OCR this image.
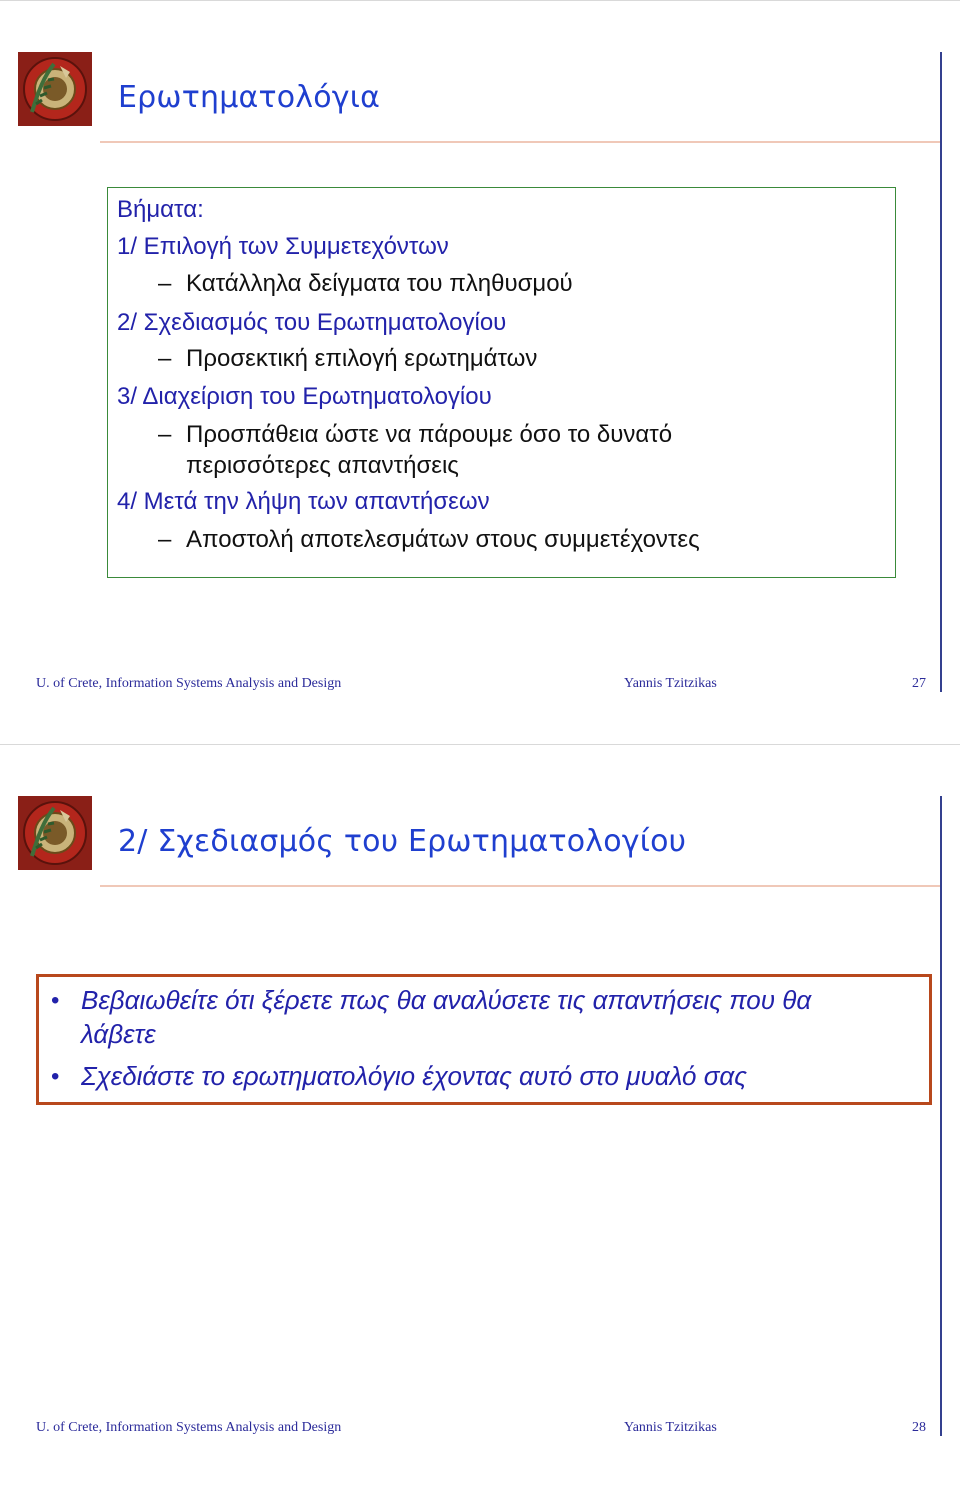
Ερωτηματολόγια
Βήματα:
1/ Επιλογή των Συμμετεχόντων
– Κατάλληλα δείγματα του πληθυσμού
2/ Σχεδιασμός του Ερωτηματολογίου
– Προσεκτική επιλογή ερωτημάτων
3/ Διαχείριση του Ερωτηματολογίου
– Προσπάθεια ώστε να πάρουμε όσο το δυνατό
περισσότερες απαντήσεις
4/ Μετά την λήψη των απαντήσεων
– Αποστολή αποτελεσμάτων στους συμμετέχοντες
U. of Crete, Information Systems Analysis and Design	Yannis Tzitzikas	27
2/ Σχεδιασμός του Ερωτηματολογίου
• Βεβαιωθείτε ότι ξέρετε πως θα αναλύσετε τις απαντήσεις που θα
λάβετε
• Σχεδιάστε το ερωτηματολόγιο έχοντας αυτό στο μυαλό σας
U. of Crete, Information Systems Analysis and Design	Yannis Tzitzikas	28
